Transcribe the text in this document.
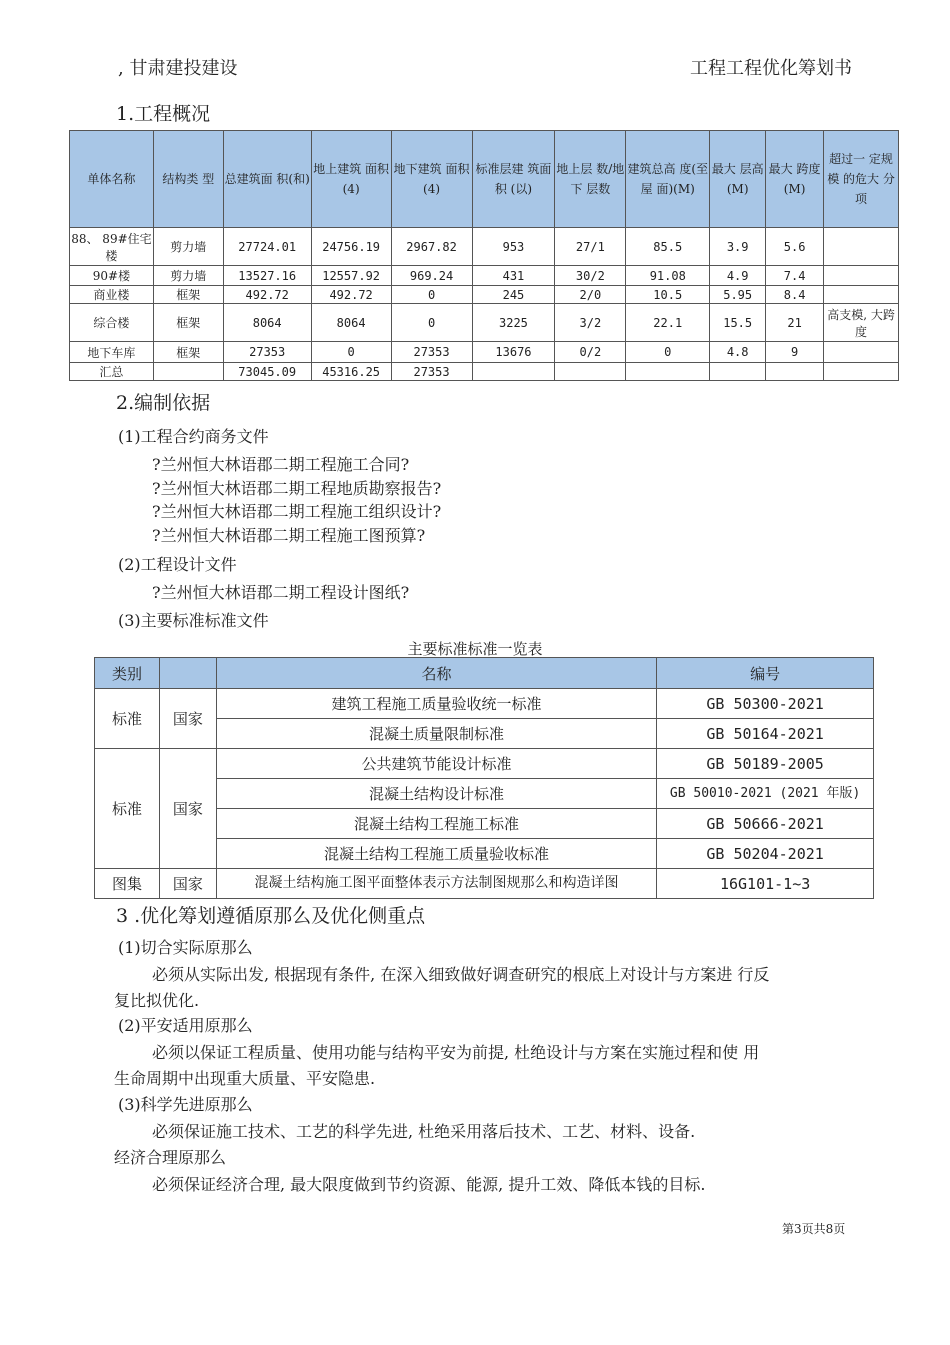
, 甘肃建投建设	工程工程优化筹划书
1.工程概况
单体名称	结构类 型	总建筑面 积(和)	地上建筑 面积(4)	地下建筑 面积(4)	标准层建 筑面积 (以)	地上层 数/地下 层数	建筑总高 度(至屋 面)(M)	最大 层高 (M)	最大 跨度 (M)	超过一 定规模 的危大 分项
88、 89#住宅楼	剪力墙	27724.01	24756.19	2967.82	953	27/1	85.5	3.9	5.6	
90#楼	剪力墙	13527.16	12557.92	969.24	431	30/2	91.08	4.9	7.4	
商业楼	框架	492.72	492.72	0	245	2/0	10.5	5.95	8.4	
综合楼	框架	8064	8064	0	3225	3/2	22.1	15.5	21	高支模, 大跨度
地下车库	框架	27353	0	27353	13676	0/2	0	4.8	9	
汇总		73045.09	45316.25	27353						
2.编制依据
(1)工程合约商务文件
?兰州恒大林语郡二期工程施工合同?
?兰州恒大林语郡二期工程地质勘察报告?
?兰州恒大林语郡二期工程施工组织设计?
?兰州恒大林语郡二期工程施工图预算?
(2)工程设计文件
?兰州恒大林语郡二期工程设计图纸?
(3)主要标准标准文件
主要标准标准一览表
类别		名称	编号
标准	国家	建筑工程施工质量验收统一标准	GB 50300-2021
		混凝土质量限制标准	GB 50164-2021
标准	国家	公共建筑节能设计标准	GB 50189-2005
		混凝土结构设计标准	GB 50010-2021 (2021 年版)
		混凝土结构工程施工标准	GB 50666-2021
		混凝土结构工程施工质量验收标准	GB 50204-2021
图集	国家	混凝土结构施工图平面整体表示方法制图规那么和构造详图	16G101-1~3
3 .优化筹划遵循原那么及优化侧重点
(1)切合实际原那么
必须从实际出发, 根据现有条件, 在深入细致做好调查研究的根底上对设计与方案进 行反
复比拟优化.
(2)平安适用原那么
必须以保证工程质量、使用功能与结构平安为前提, 杜绝设计与方案在实施过程和使 用
生命周期中出现重大质量、平安隐患.
(3)科学先进原那么
必须保证施工技术、工艺的科学先进, 杜绝采用落后技术、工艺、材料、设备.
经济合理原那么
必须保证经济合理, 最大限度做到节约资源、能源, 提升工效、降低本钱的目标.
第3页共8页
